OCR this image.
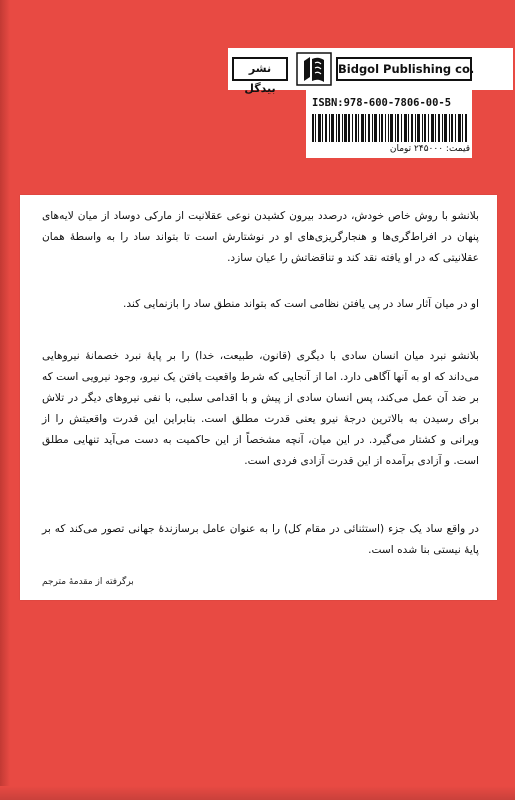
نشر بیدگل
Bidgol Publishing co.
ISBN:978-600-7806-00-5
قیمت: ۲۴۵۰۰۰ تومان
بلانشو با روش خاص خودش، درصدد بیرون کشیدن نوعی عقلانیت از مارکی دوساد از میان لایه‌های پنهان در افراط‌گری‌ها و هنجارگریزی‌های او در نوشتارش است تا بتواند ساد را به واسطهٔ همان عقلانیتی که در او یافته نقد کند و تناقضاتش را عیان سازد.
او در میان آثار ساد در پی یافتن نظامی است که بتواند منطق ساد را بازنمایی کند.
بلانشو نبرد میان انسان سادی با دیگری (قانون، طبیعت، خدا) را بر پایهٔ نبرد خصمانهٔ نیروهایی می‌داند که او به آنها آگاهی دارد. اما از آنجایی که شرط واقعیت یافتن یک نیرو، وجود نیرویی است که بر ضد آن عمل می‌کند، پس انسان سادی از پیش و با اقدامی سلبی، با نفی نیروهای دیگر در تلاش برای رسیدن به بالاترین درجهٔ نیرو یعنی قدرت مطلق است. بنابراین این قدرت واقعیتش را از ویرانی و کشتار می‌گیرد. در این میان، آنچه مشخصاً از این حاکمیت به دست می‌آید تنهایی مطلق است. و آزادی برآمده از این قدرت آزادی فردی است.
در واقع ساد یک جزء (استثنائی در مقام کل) را به عنوان عامل برسازندهٔ جهانی تصور می‌کند که بر پایهٔ نیستی بنا شده است.
برگرفته از مقدمهٔ مترجم
